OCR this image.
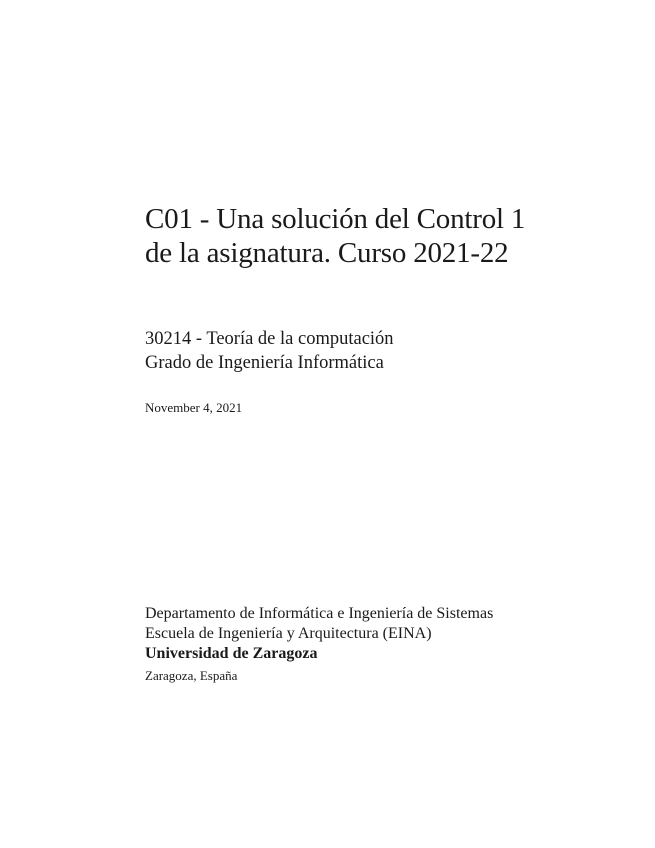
C01 - Una solución del Control 1
de la asignatura. Curso 2021-22
30214 - Teoría de la computación
Grado de Ingeniería Informática
November 4, 2021
Departamento de Informática e Ingeniería de Sistemas
Escuela de Ingeniería y Arquitectura (EINA)
Universidad de Zaragoza
Zaragoza, España
